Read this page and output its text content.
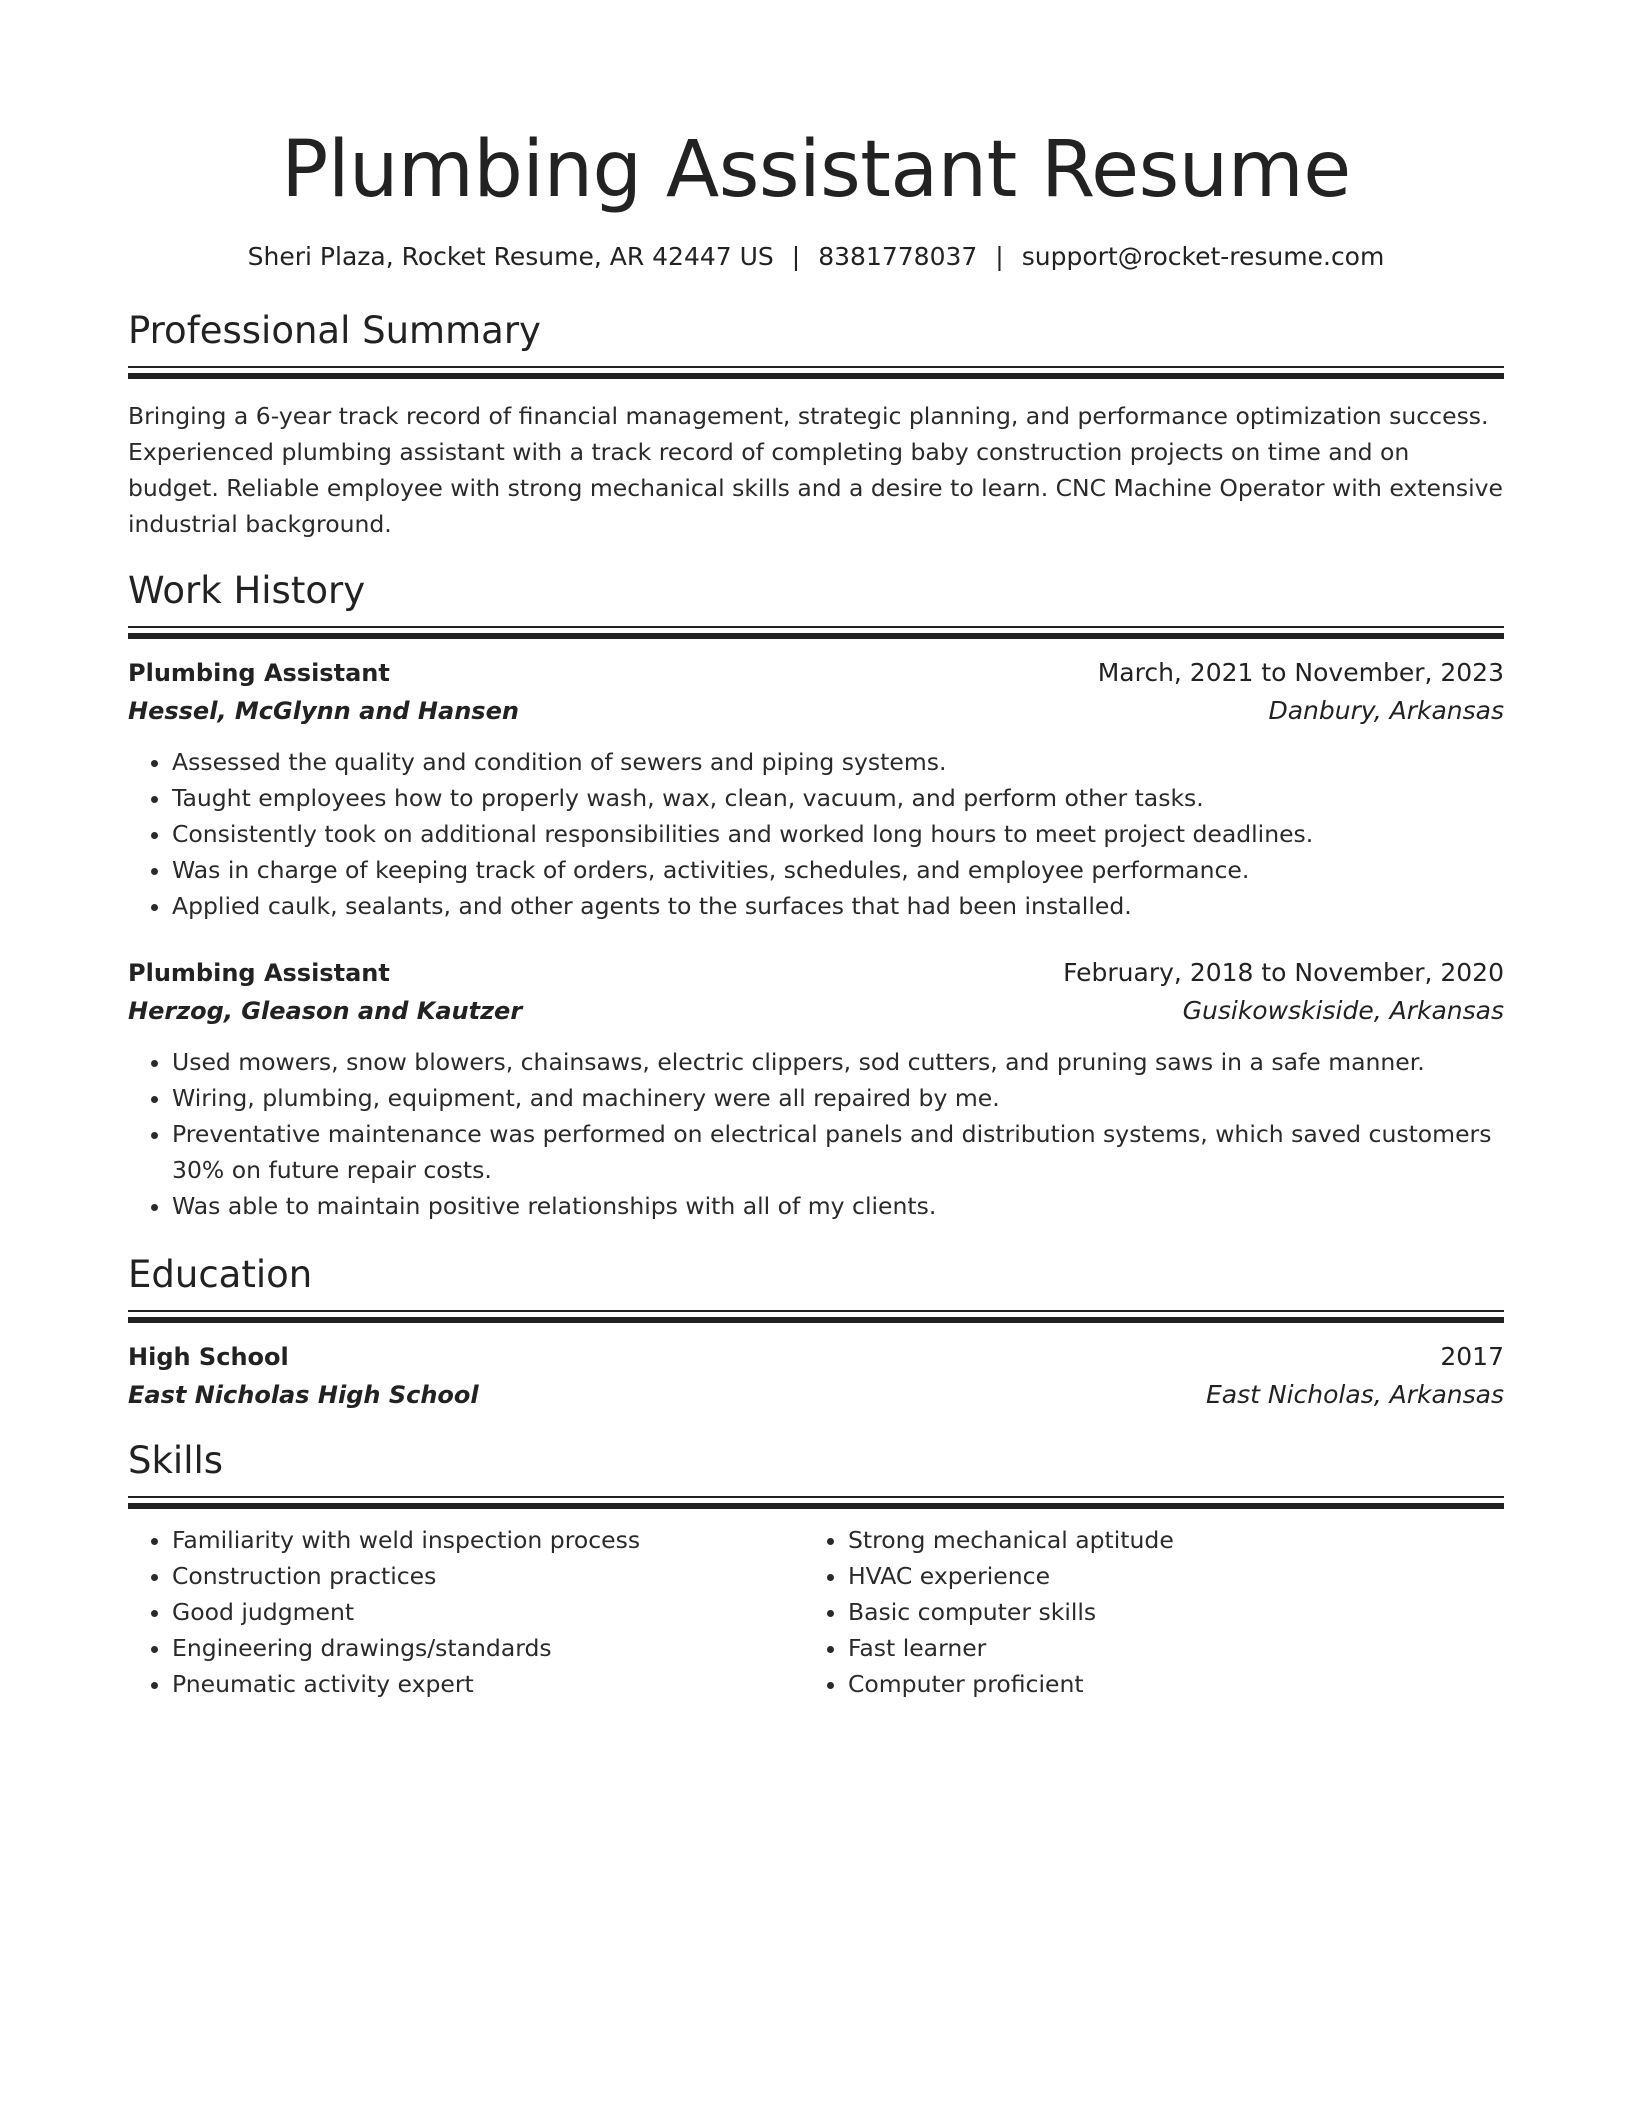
Plumbing Assistant Resume
Sheri Plaza, Rocket Resume, AR 42447 US | 8381778037 | support@rocket-resume.com
Professional Summary

Bringing a 6-year track record of financial management, strategic planning, and performance optimization success. Experienced plumbing assistant with a track record of completing baby construction projects on time and on budget. Reliable employee with strong mechanical skills and a desire to learn. CNC Machine Operator with extensive industrial background.

Work History
Plumbing Assistant	March, 2021 to November, 2023
Hessel, McGlynn and Hansen	Danbury, Arkansas
• Assessed the quality and condition of sewers and piping systems.
• Taught employees how to properly wash, wax, clean, vacuum, and perform other tasks.
• Consistently took on additional responsibilities and worked long hours to meet project deadlines.
• Was in charge of keeping track of orders, activities, schedules, and employee performance.
• Applied caulk, sealants, and other agents to the surfaces that had been installed.
Plumbing Assistant	February, 2018 to November, 2020
Herzog, Gleason and Kautzer	Gusikowskiside, Arkansas
• Used mowers, snow blowers, chainsaws, electric clippers, sod cutters, and pruning saws in a safe manner.
• Wiring, plumbing, equipment, and machinery were all repaired by me.
• Preventative maintenance was performed on electrical panels and distribution systems, which saved customers 30% on future repair costs.
• Was able to maintain positive relationships with all of my clients.
Education
High School	2017
East Nicholas High School	East Nicholas, Arkansas
Skills
• Familiarity with weld inspection process
• Construction practices
• Good judgment
• Engineering drawings/standards
• Pneumatic activity expert
• Strong mechanical aptitude
• HVAC experience
• Basic computer skills
• Fast learner
• Computer proficient
